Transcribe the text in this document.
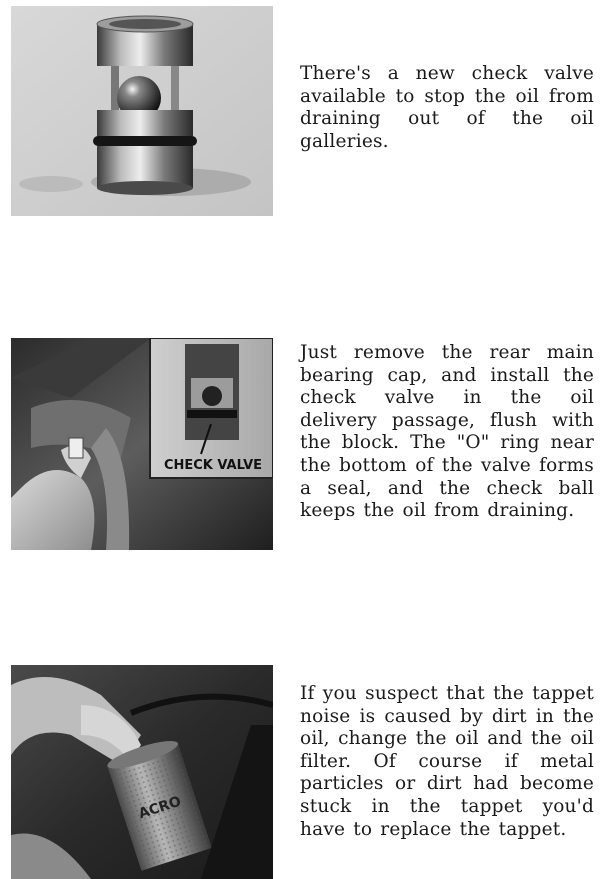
There's a new check valve available to stop the oil from draining out of the oil galleries.
CHECK VALVE
Just remove the rear main bearing cap, and install the check valve in the oil delivery passage, flush with the block. The "O" ring near the bottom of the valve forms a seal, and the check ball keeps the oil from draining.
ACRO
If you suspect that the tappet noise is caused by dirt in the oil, change the oil and the oil filter. Of course if metal particles or dirt had become stuck in the tappet you'd have to replace the tappet.
